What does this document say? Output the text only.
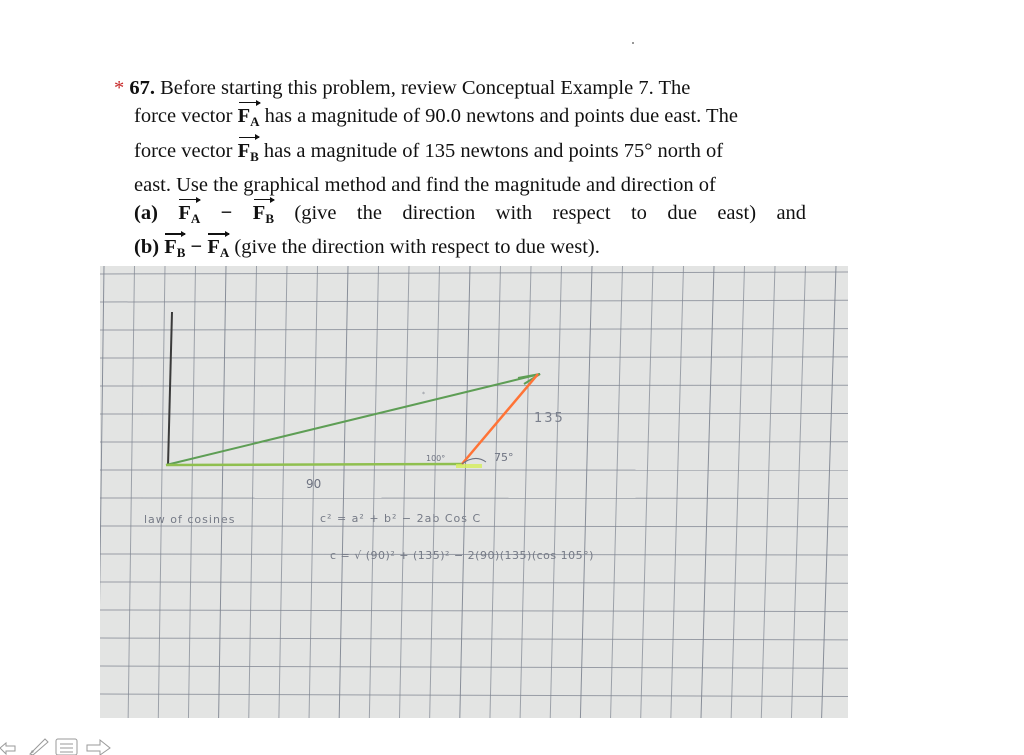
* 67. Before starting this problem, review Conceptual Example 7. The
force vector $F_A$ has a magnitude of 90.0 newtons and points due east. The
force vector $F_B$ has a magnitude of 135 newtons and points 75° north of
east. Use the graphical method and find the magnitude and direction of
(a) $F_A - F_B$ (give the direction with respect to due east) and
(b) $F_B - F_A$ (give the direction with respect to due west).

135
100°	75°
90
law of cosines	c² = a² + b² − 2ab Cos C
c = √ (90)² + (135)² − 2(90)(135)(cos 105°)
*
